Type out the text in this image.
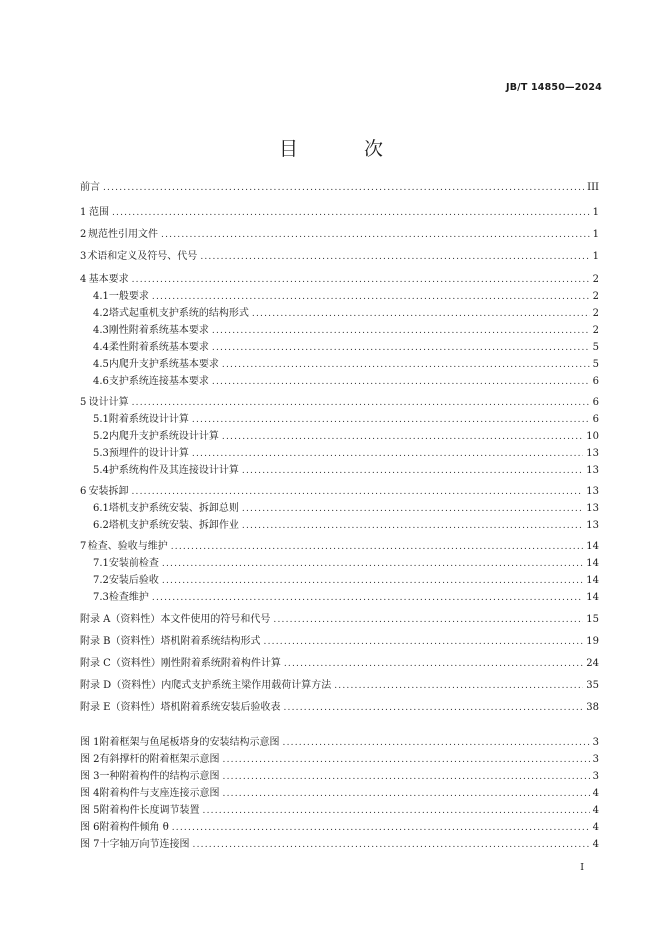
JB/T 14850—2024
目 次
前言 .....	III
1 范围 .....	1
2 规范性引用文件 .....	1
3 术语和定义及符号、代号 .....	1
4 基本要求 .....	2
4.1 一般要求 .....	2
4.2 塔式起重机支护系统的结构形式 .....	2
4.3 刚性附着系统基本要求 .....	2
4.4 柔性附着系统基本要求 .....	5
4.5 内爬升支护系统基本要求 .....	5
4.6 支护系统连接基本要求 .....	6
5 设计计算 .....	6
5.1 附着系统设计计算 .....	6
5.2 内爬升支护系统设计计算 .....	10
5.3 预埋件的设计计算 .....	13
5.4 护系统构件及其连接设计计算 .....	13
6 安装拆卸 .....	13
6.1 塔机支护系统安装、拆卸总则 .....	13
6.2 塔机支护系统安装、拆卸作业 .....	13
7 检查、验收与维护 .....	14
7.1 安装前检查 .....	14
7.2 安装后验收 .....	14
7.3 检查维护 .....	14
附录 A（资料性） 本文件使用的符号和代号 .....	15
附录 B（资料性） 塔机附着系统结构形式 .....	19
附录 C（资料性） 刚性附着系统附着构件计算 .....	24
附录 D（资料性） 内爬式支护系统主梁作用载荷计算方法 .....	35
附录 E（资料性） 塔机附着系统安装后验收表 .....	38
图 1 附着框架与鱼尾板塔身的安装结构示意图 .....	3
图 2 有斜撑杆的附着框架示意图 .....	3
图 3 一种附着构件的结构示意图 .....	3
图 4 附着构件与支座连接示意图 .....	4
图 5 附着构件长度调节装置 .....	4
图 6 附着构件倾角 θ .....	4
图 7 十字轴万向节连接图 .....	4
I
